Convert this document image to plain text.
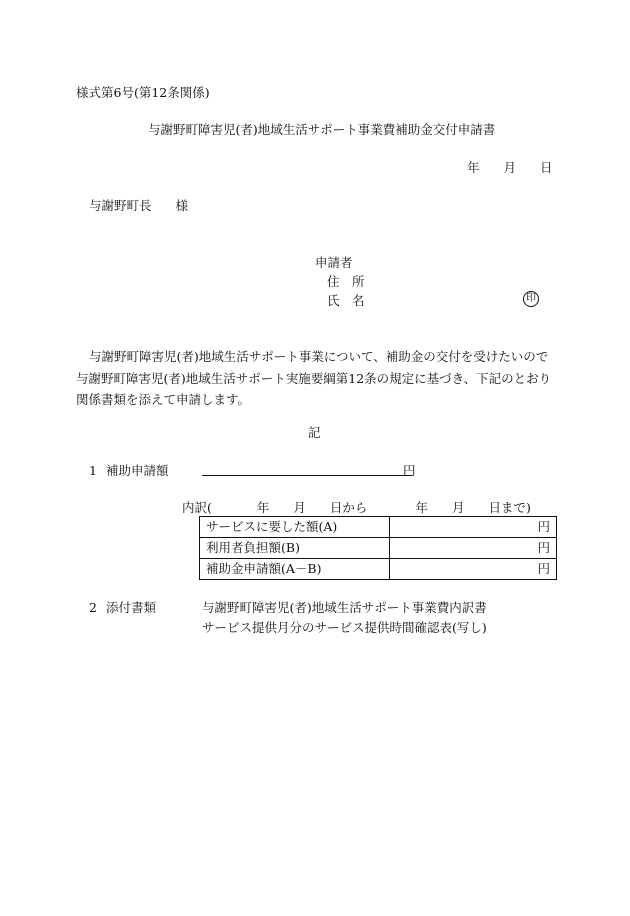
様式第6号(第12条関係)
与謝野町障害児(者)地域生活サポート事業費補助金交付申請書
年 月 日
与謝野町長 様
申請者
住　所
氏　名	印
与謝野町障害児(者)地域生活サポート事業について、補助金の交付を受けたいので与謝野町障害児(者)地域生活サポート実施要綱第12条の規定に基づき、下記のとおり関係書類を添えて申請します。
記
1 補助申請額	円
内訳(	年 月 日から	年 月 日まで)
サービスに要した額(A)	円
利用者負担額(B)	円
補助金申請額(A－B)	円
2 添付書類	与謝野町障害児(者)地域生活サポート事業費内訳書
サービス提供月分のサービス提供時間確認表(写し)
